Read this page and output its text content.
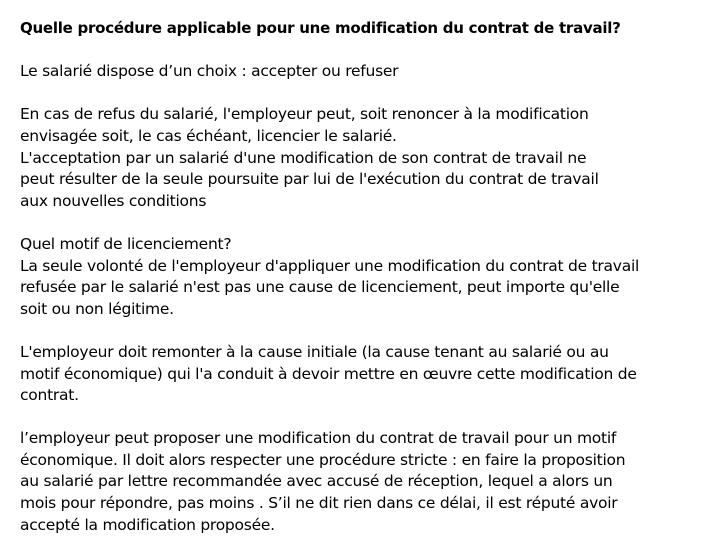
Quelle procédure applicable pour une modification du contrat de travail?
Le salarié dispose d’un choix : accepter ou refuser
En cas de refus du salarié, l'employeur peut, soit renoncer à la modification
envisagée soit, le cas échéant, licencier le salarié.
L'acceptation par un salarié d'une modification de son contrat de travail ne
peut résulter de la seule poursuite par lui de l'exécution du contrat de travail
aux nouvelles conditions
Quel motif de licenciement?
La seule volonté de l'employeur d'appliquer une modification du contrat de travail
refusée par le salarié n'est pas une cause de licenciement, peut importe qu'elle
soit ou non légitime.
L'employeur doit remonter à la cause initiale (la cause tenant au salarié ou au
motif économique) qui l'a conduit à devoir mettre en œuvre cette modification de
contrat.
l’employeur peut proposer une modification du contrat de travail pour un motif
économique. Il doit alors respecter une procédure stricte : en faire la proposition
au salarié par lettre recommandée avec accusé de réception, lequel a alors un
mois pour répondre, pas moins . S’il ne dit rien dans ce délai, il est réputé avoir
accepté la modification proposée.
